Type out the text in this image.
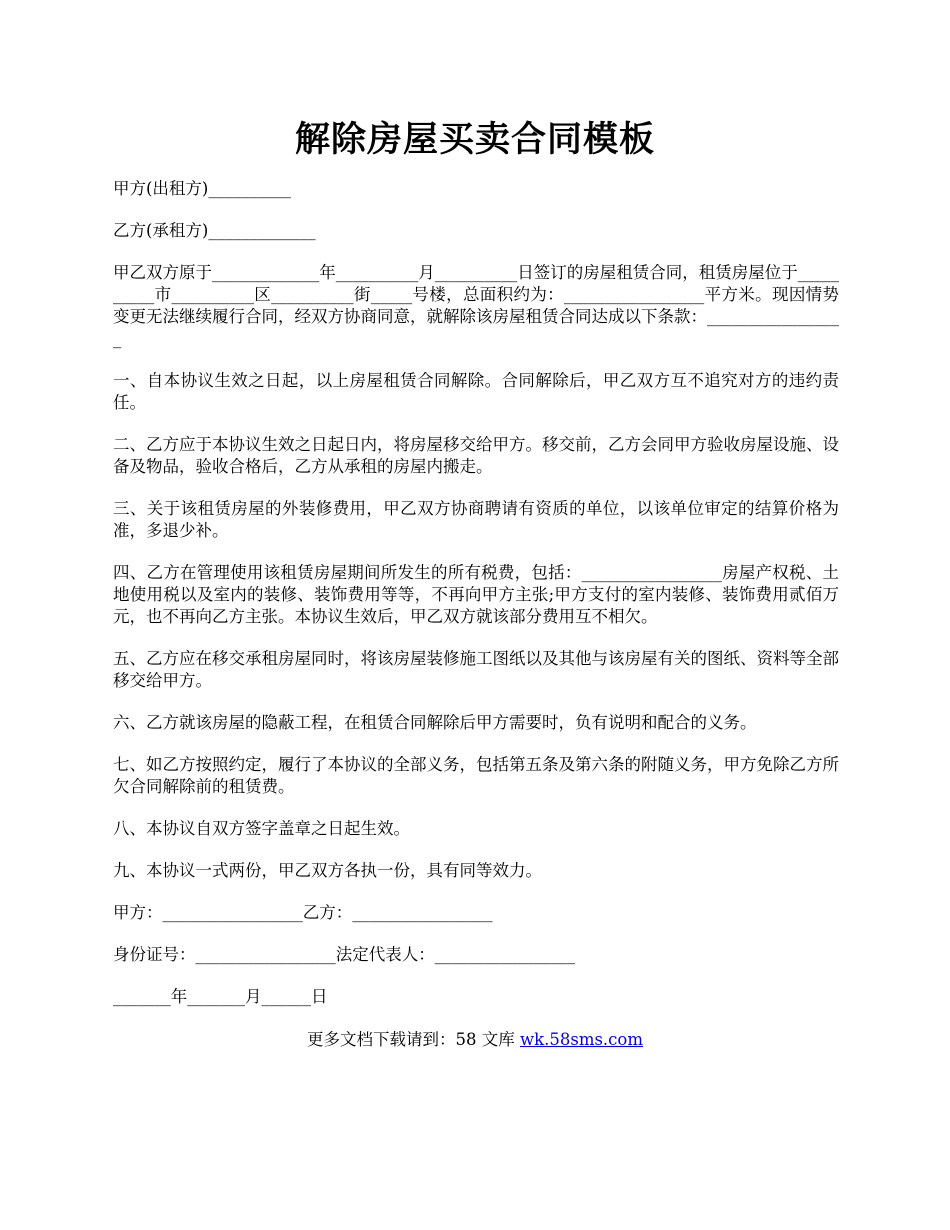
解除房屋买卖合同模板

甲方(出租方)__________

乙方(承租方)_____________

甲乙双方原于_____________年__________月__________日签订的房屋租赁合同，租赁房屋位于__________市__________区__________街_____号楼，总面积约为：_________________平方米。现因情势变更无法继续履行合同，经双方协商同意，就解除该房屋租赁合同达成以下条款：_________________

一、自本协议生效之日起，以上房屋租赁合同解除。合同解除后，甲乙双方互不追究对方的违约责任。

二、乙方应于本协议生效之日起日内，将房屋移交给甲方。移交前，乙方会同甲方验收房屋设施、设备及物品，验收合格后，乙方从承租的房屋内搬走。

三、关于该租赁房屋的外装修费用，甲乙双方协商聘请有资质的单位，以该单位审定的结算价格为准，多退少补。

四、乙方在管理使用该租赁房屋期间所发生的所有税费，包括：_________________房屋产权税、土地使用税以及室内的装修、装饰费用等等，不再向甲方主张;甲方支付的室内装修、装饰费用贰佰万元，也不再向乙方主张。本协议生效后，甲乙双方就该部分费用互不相欠。

五、乙方应在移交承租房屋同时，将该房屋装修施工图纸以及其他与该房屋有关的图纸、资料等全部移交给甲方。

六、乙方就该房屋的隐蔽工程，在租赁合同解除后甲方需要时，负有说明和配合的义务。

七、如乙方按照约定，履行了本协议的全部义务，包括第五条及第六条的附随义务，甲方免除乙方所欠合同解除前的租赁费。

八、本协议自双方签字盖章之日起生效。

九、本协议一式两份，甲乙双方各执一份，具有同等效力。

甲方：_________________乙方：_________________

身份证号：_________________法定代表人：_________________

_______年_______月______日

更多文档下载请到：58 文库 wk.58sms.com
